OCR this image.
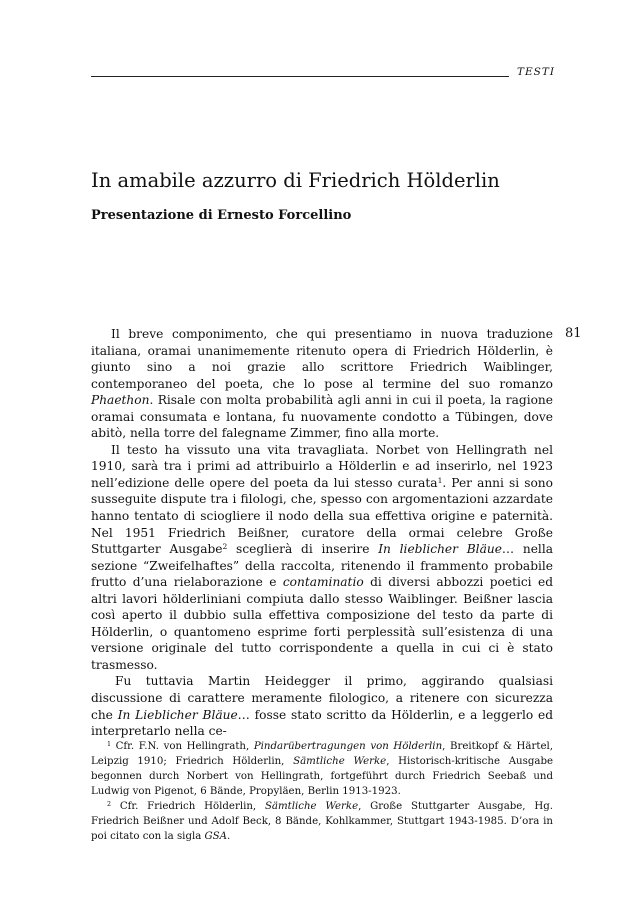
TESTI
In amabile azzurro di Friedrich Hölderlin
Presentazione di Ernesto Forcellino
81

Il breve componimento, che qui presentiamo in nuova traduzione italiana, oramai unanimemente ritenuto opera di Friedrich Hölderlin, è giunto sino a noi grazie allo scrittore Friedrich Waiblinger, contemporaneo del poeta, che lo pose al termine del suo romanzo Phaethon. Risale con molta probabilità agli anni in cui il poeta, la ragione oramai consumata e lontana, fu nuovamente condotto a Tübingen, dove abitò, nella torre del falegname Zimmer, fino alla morte.

Il testo ha vissuto una vita travagliata. Norbet von Hellingrath nel 1910, sarà tra i primi ad attribuirlo a Hölderlin e ad inserirlo, nel 1923 nell’edizione delle opere del poeta da lui stesso curata$^1$. Per anni si sono susseguite dispute tra i filologi, che, spesso con argomentazioni azzardate hanno tentato di sciogliere il nodo della sua effettiva origine e paternità. Nel 1951 Friedrich Beißner, curatore della ormai celebre Große Stuttgarter Ausgabe$^2$ sceglierà di inserire In lieblicher Bläue… nella sezione “Zweifelhaftes” della raccolta, ritenendo il frammento probabile frutto d’una rielaborazione e contaminatio di diversi abbozzi poetici ed altri lavori hölderliniani compiuta dallo stesso Waiblinger. Beißner lascia così aperto il dubbio sulla effettiva composizione del testo da parte di Hölderlin, o quantomeno esprime forti perplessità sull’esistenza di una versione originale del tutto corrispondente a quella in cui ci è stato trasmesso.

Fu tuttavia Martin Heidegger il primo, aggirando qualsiasi discussione di carattere meramente filologico, a ritenere con sicurezza che In Lieblicher Bläue… fosse stato scritto da Hölderlin, e a leggerlo ed interpretarlo nella ce-

$^1$ Cfr. F.N. von Hellingrath, Pindarübertragungen von Hölderlin, Breitkopf & Härtel, Leipzig 1910; Friedrich Hölderlin, Sämtliche Werke, Historisch-kritische Ausgabe begonnen durch Norbert von Hellingrath, fortgeführt durch Friedrich Seebaß und Ludwig von Pigenot, 6 Bände, Propyläen, Berlin 1913-1923.

$^2$ Cfr. Friedrich Hölderlin, Sämtliche Werke, Große Stuttgarter Ausgabe, Hg. Friedrich Beißner und Adolf Beck, 8 Bände, Kohlkammer, Stuttgart 1943-1985. D’ora in poi citato con la sigla GSA.
